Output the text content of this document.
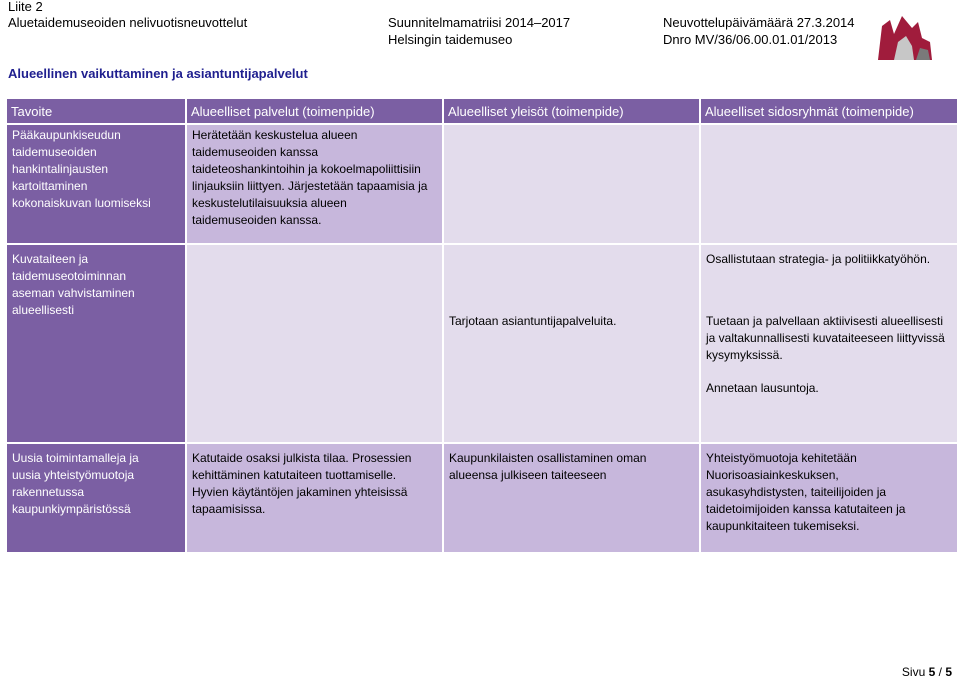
Liite 2
Aluetaidemuseoiden nelivuotisneuvottelut	Suunnitelmamatriisi 2014–2017
Helsingin taidemuseo
Neuvottelupäivämäärä 27.3.2014
Dnro MV/36/06.00.01.01/2013
Alueellinen vaikuttaminen ja asiantuntijapalvelut
Tavoite	Alueelliset palvelut (toimenpide)	Alueelliset yleisöt (toimenpide)	Alueelliset sidosryhmät (toimenpide)

Pääkaupunkiseudun taidemuseoiden hankintalinjausten kartoittaminen kokonaiskuvan luomiseksi	Herätetään keskustelua alueen taidemuseoiden kanssa taideteoshankintoihin ja kokoelmapoliittisiin linjauksiin liittyen. Järjestetään tapaamisia ja keskustelutilaisuuksia alueen taidemuseoiden kanssa.		

Kuvataiteen ja taidemuseotoiminnan aseman vahvistaminen alueellisesti		Tarjotaan asiantuntijapalveluita.	Osallistutaan strategia- ja politiikkatyöhön.
Tuetaan ja palvellaan aktiivisesti alueellisesti ja valtakunnallisesti kuvataiteeseen liittyvissä kysymyksissä.
Annetaan lausuntoja.

Uusia toimintamalleja ja uusia yhteistyömuotoja rakennetussa kaupunkiympäristössä	Katutaide osaksi julkista tilaa. Prosessien kehittäminen katutaiteen tuottamiselle. Hyvien käytäntöjen jakaminen yhteisissä tapaamisissa.	Kaupunkilaisten osallistaminen oman alueensa julkiseen taiteeseen	Yhteistyömuotoja kehitetään Nuorisoasiainkeskuksen, asukasyhdistysten, taiteilijoiden ja taidetoimijoiden kanssa katutaiteen ja kaupunkitaiteen tukemiseksi.
Sivu 5 / 5
